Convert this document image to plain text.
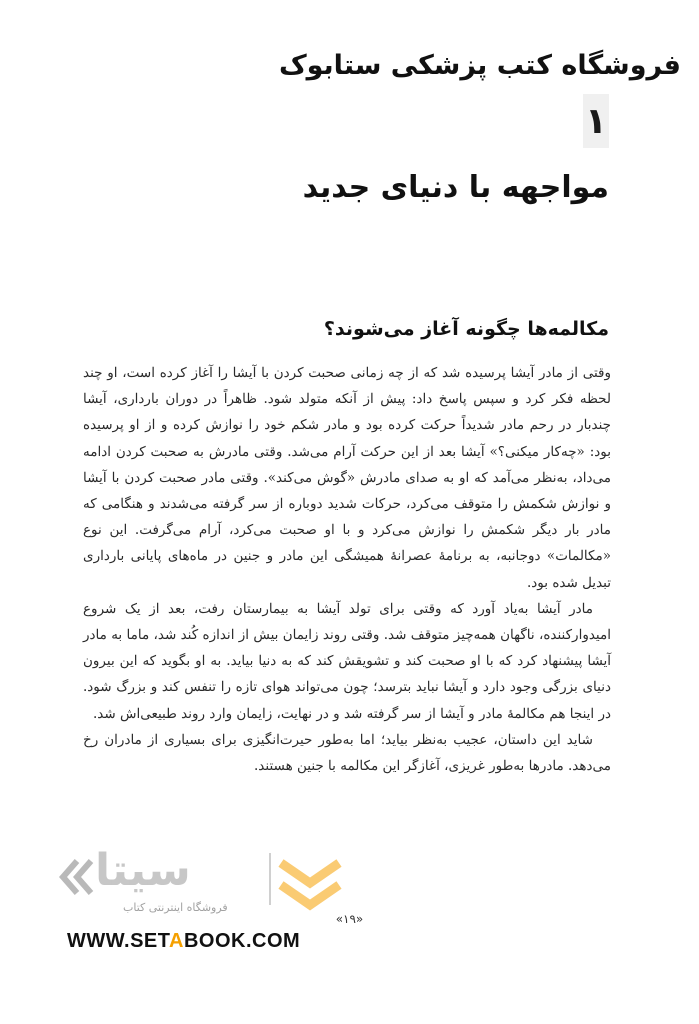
فروشگاه کتب پزشکی ستابوک
۱
مواجهه با دنیای جدید
مکالمه‌ها چگونه آغاز می‌شوند؟

وقتی از مادر آیشا پرسیده شد که از چه زمانی صحبت کردن با آیشا را آغاز کرده است، او چند لحظه فکر کرد و سپس پاسخ داد: پیش از آنکه متولد شود. ظاهراً در دوران بارداری، آیشا چندبار در رحم مادر شدیداً حرکت کرده بود و مادر شکم خود را نوازش کرده و از او پرسیده بود: «چه‌کار میکنی؟» آیشا بعد از این حرکت آرام می‌شد. وقتی مادرش به صحبت کردن ادامه می‌داد، به‌نظر می‌آمد که او به صدای مادرش «گوش می‌کند». وقتی مادر صحبت کردن با آیشا و نوازش شکمش را متوقف می‌کرد، حرکات شدید دوباره از سر گرفته می‌شدند و هنگامی که مادر بار دیگر شکمش را نوازش می‌کرد و با او صحبت می‌کرد، آرام می‌گرفت. این نوع «مکالمات» دوجانبه، به برنامهٔ عصرانهٔ همیشگی این مادر و جنین در ماه‌های پایانی بارداری تبدیل شده بود.

مادر آیشا به‌یاد آورد که وقتی برای تولد آیشا به بیمارستان رفت، بعد از یک شروع امیدوارکننده، ناگهان همه‌چیز متوقف شد. وقتی روند زایمان بیش از اندازه کُند شد، ماما به مادر آیشا پیشنهاد کرد که با او صحبت کند و تشویقش کند که به دنیا بیاید. به او بگوید که این بیرون دنیای بزرگی وجود دارد و آیشا نباید بترسد؛ چون می‌تواند هوای تازه را تنفس کند و بزرگ شود. در اینجا هم مکالمهٔ مادر و آیشا از سر گرفته شد و در نهایت، زایمان وارد روند طبیعی‌اش شد.

شاید این داستان، عجیب به‌نظر بیاید؛ اما به‌طور حیرت‌انگیزی برای بسیاری از مادران رخ می‌دهد. مادرها به‌طور غریزی، آغاز‌گر این مکالمه با جنین هستند.

«۱۹»
سیتا
فروشگاه اینترنتی کتاب
WWW.SETABOOK.COM
